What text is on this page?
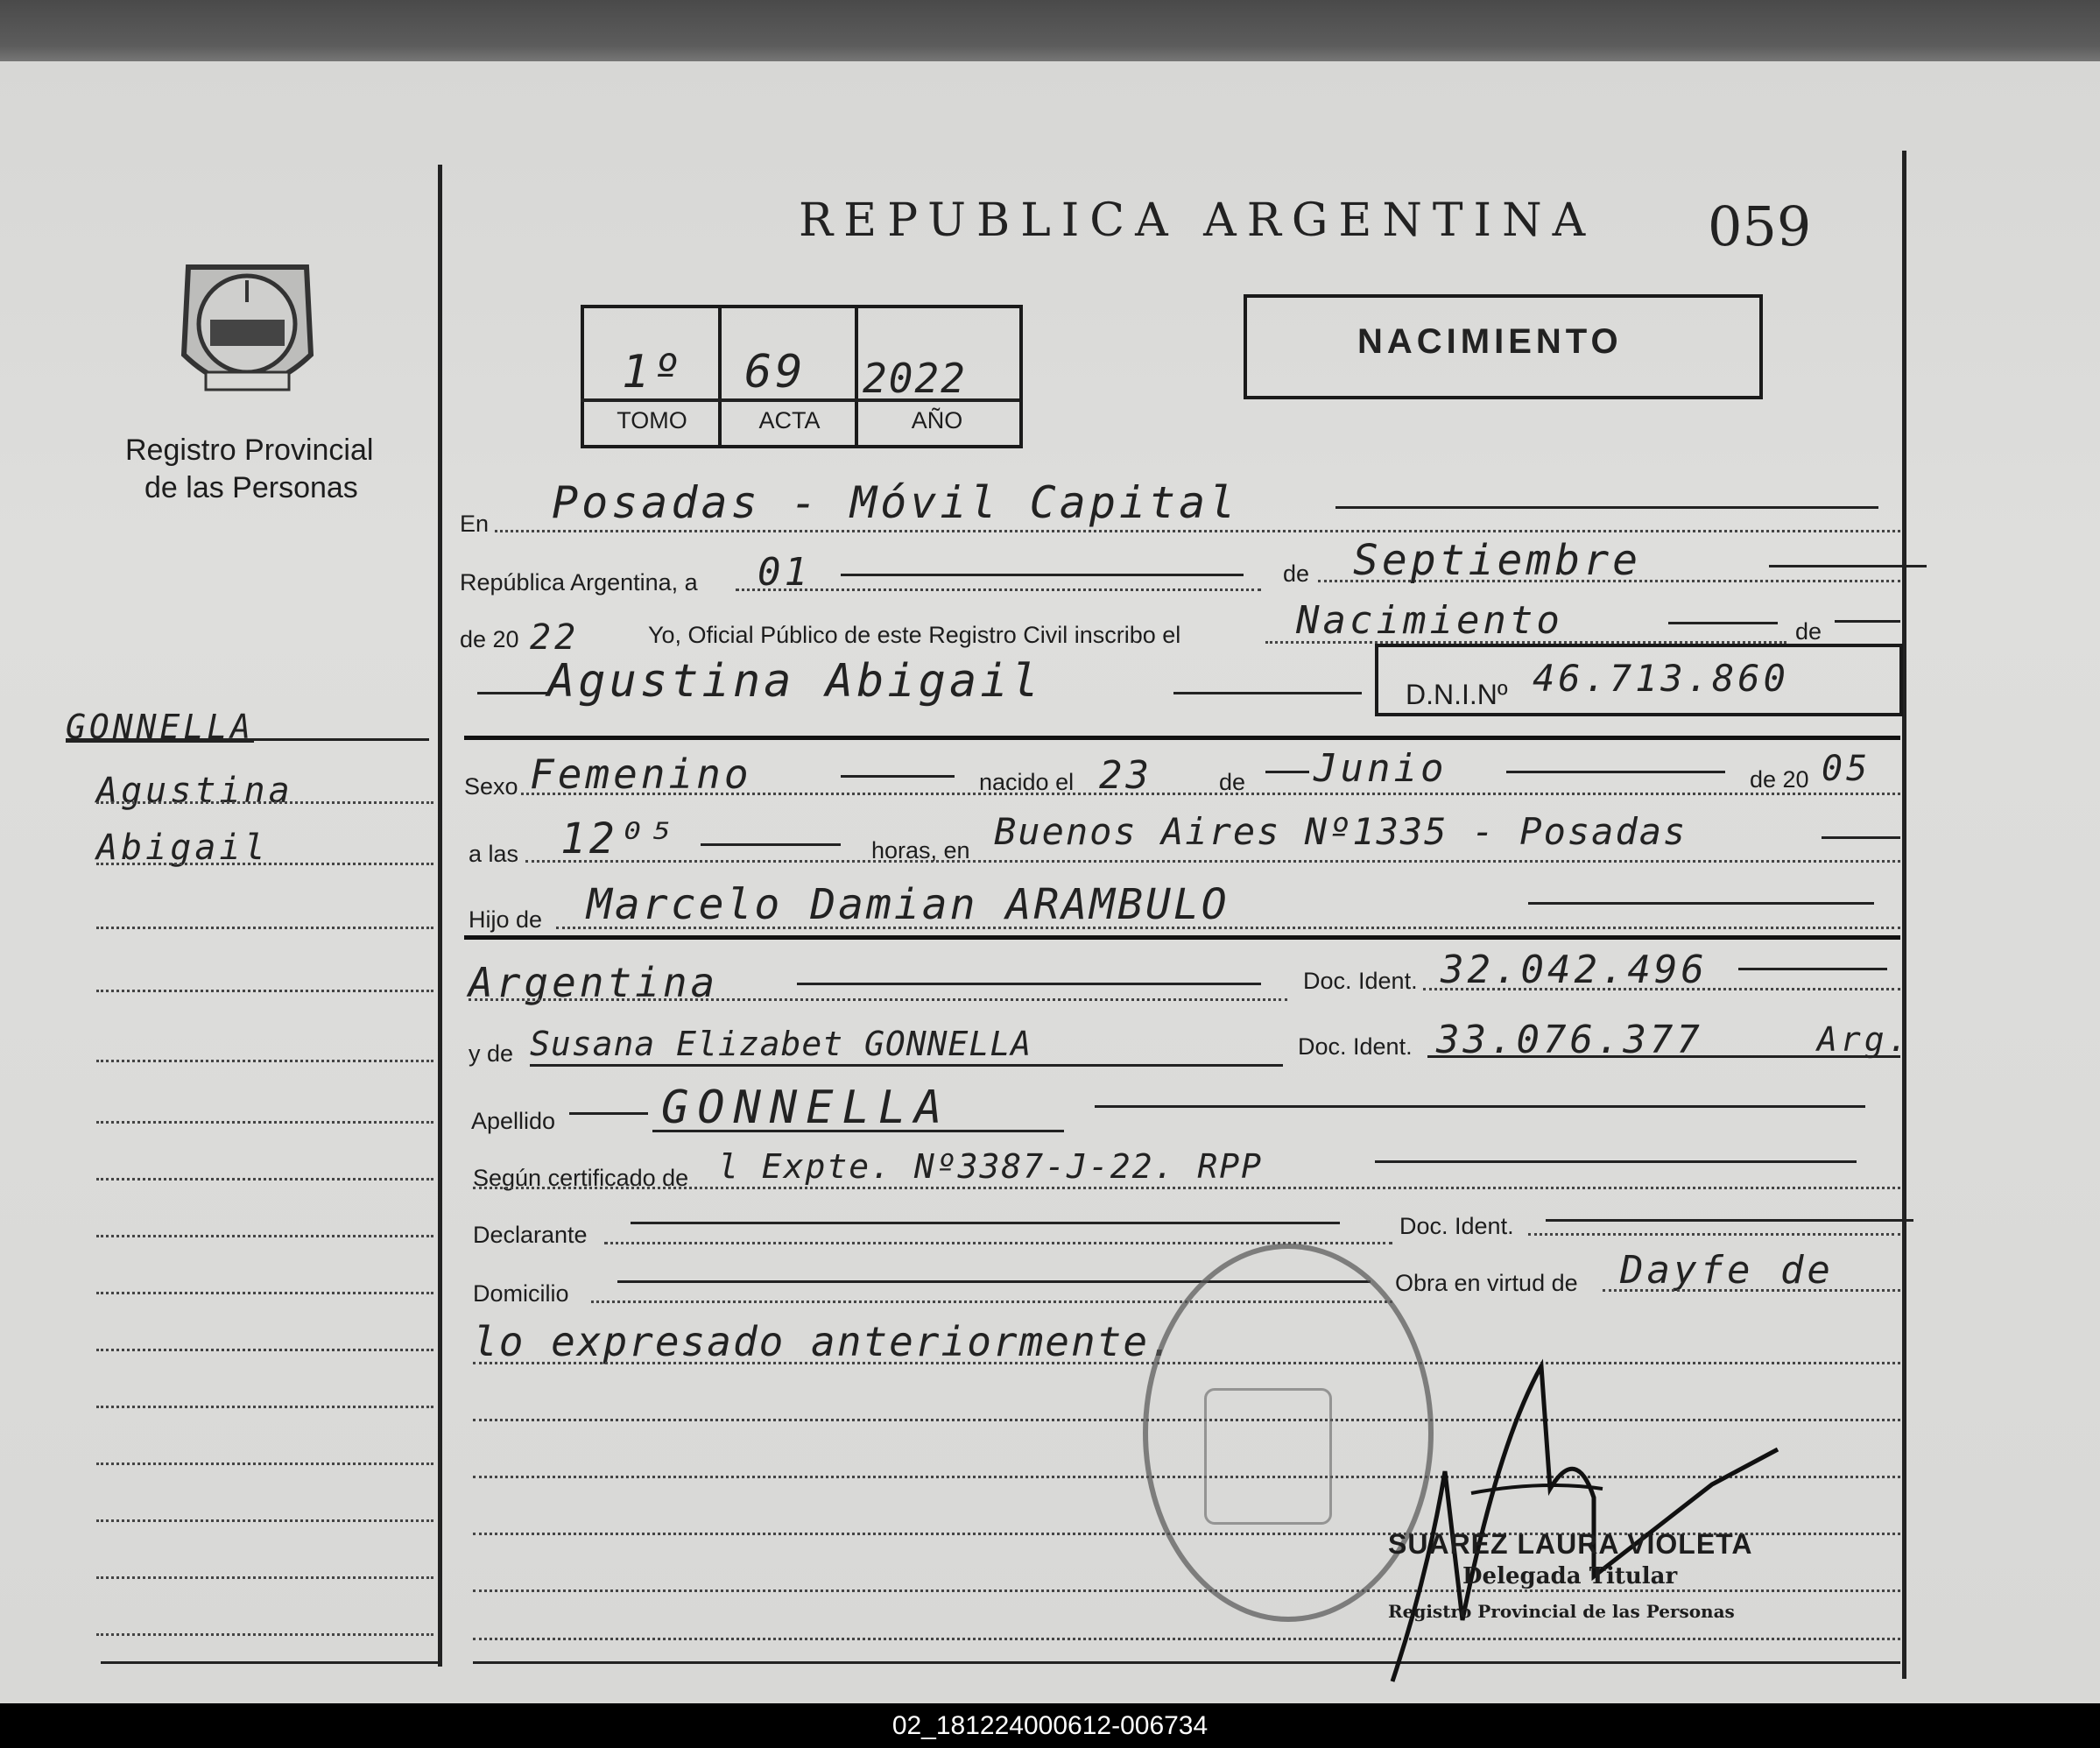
REPUBLICA ARGENTINA 059
Registro Provincial
de las Personas
GONNELLA
Agustina
Abigail
1º 69 2022
TOMO	ACTA	AÑO
NACIMIENTO
En Posadas - Móvil Capital
República Argentina, a 01	de Septiembre
de 20 22	Yo, Oficial Público de este Registro Civil inscribo el	Nacimiento	de
Agustina Abigail	D.N.I.Nº 46.713.860
Sexo Femenino	nacido el 23	de Junio	de 20 05
a las 12⁰⁵	horas, en Buenos Aires Nº1335 - Posadas
Hijo de Marcelo Damian ARAMBULO
Argentina	Doc. Ident. 32.042.496
y de Susana Elizabet GONNELLA	Doc. Ident. 33.076.377	Arg.
Apellido GONNELLA
Según certificado de l Expte. Nº3387-J-22. RPP
Declarante	Doc. Ident.
Domicilio	Obra en virtud de Dayfe de
lo expresado anteriormente.
SUAREZ LAURA VIOLETA
Delegada Titular
Registro Provincial de las Personas
02_181224000612-006734
